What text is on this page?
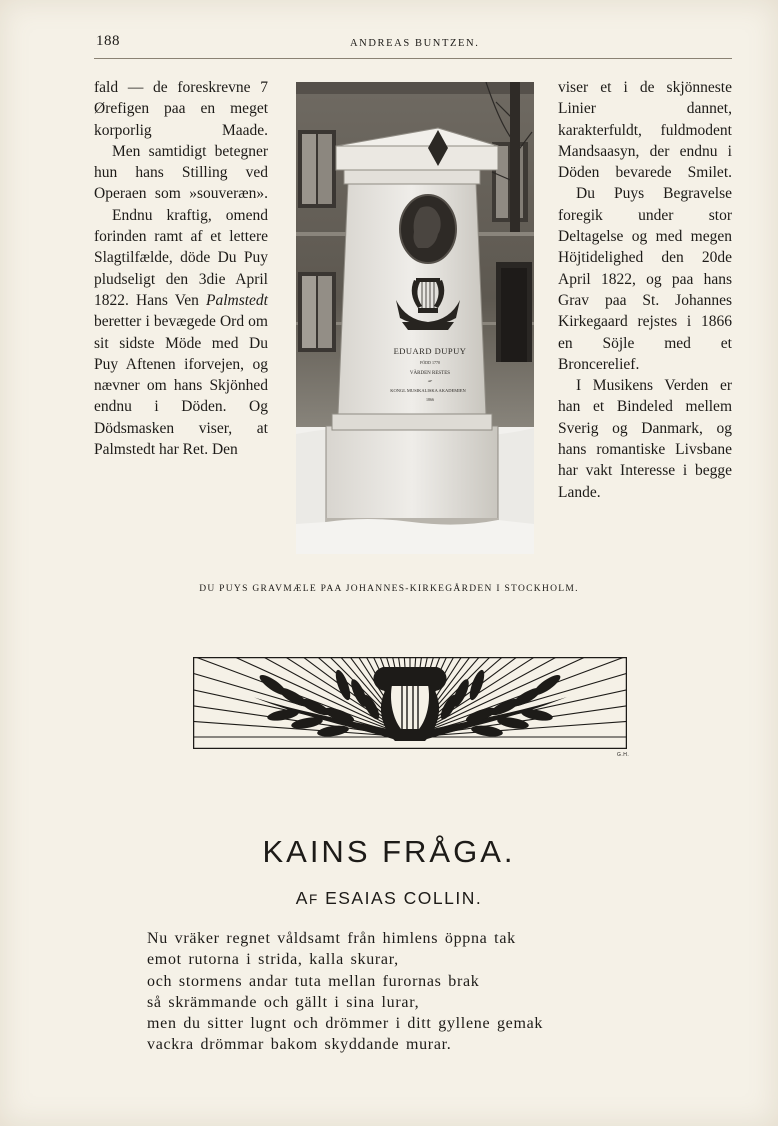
188	ANDREAS BUNTZEN.

fald — de foreskrevne 7 Ørefigen paa en meget korporlig Maade.

Men samtidigt betegner hun hans Stilling ved Operaen som »souveræn».

Endnu kraftig, omend forinden ramt af et lettere Slagtilfælde, döde Du Puy pludseligt den 3die April 1822. Hans Ven Palmstedt beretter i bevægede Ord om sit sidste Möde med Du Puy Aftenen iforvejen, og nævner om hans Skjönhed endnu i Döden. Og Dödsmasken viser, at Palmstedt har Ret. Den

EDUARD DUPUY
FÖDD 1770
VÄRDEN RESTES
AF
KONGL MUSIKALISKA AKADEMIEN
1866

viser et i de skjönneste Linier dannet, karakterfuldt, fuldmodent Mandsaasyn, der endnu i Döden bevarede Smilet.

Du Puys Begravelse foregik under stor Deltagelse og med megen Höjtidelighed den 20de April 1822, og paa hans Grav paa St. Johannes Kirkegaard rejstes i 1866 en Söjle med et Broncerelief.

I Musikens Verden er han et Bindeled mellem Sverig og Danmark, og hans romantiske Livsbane har vakt Interesse i begge Lande.

DU PUYS GRAVMÆLE PAA JOHANNES-KIRKEGÅRDEN I STOCKHOLM.
G.H.
KAINS FRÅGA.
AF ESAIAS COLLIN.
Nu vräker regnet våldsamt från himlens öppna tak
emot rutorna i strida, kalla skurar,
och stormens andar tuta mellan furornas brak
så skrämmande och gällt i sina lurar,
men du sitter lugnt och drömmer i ditt gyllene gemak
vackra drömmar bakom skyddande murar.
